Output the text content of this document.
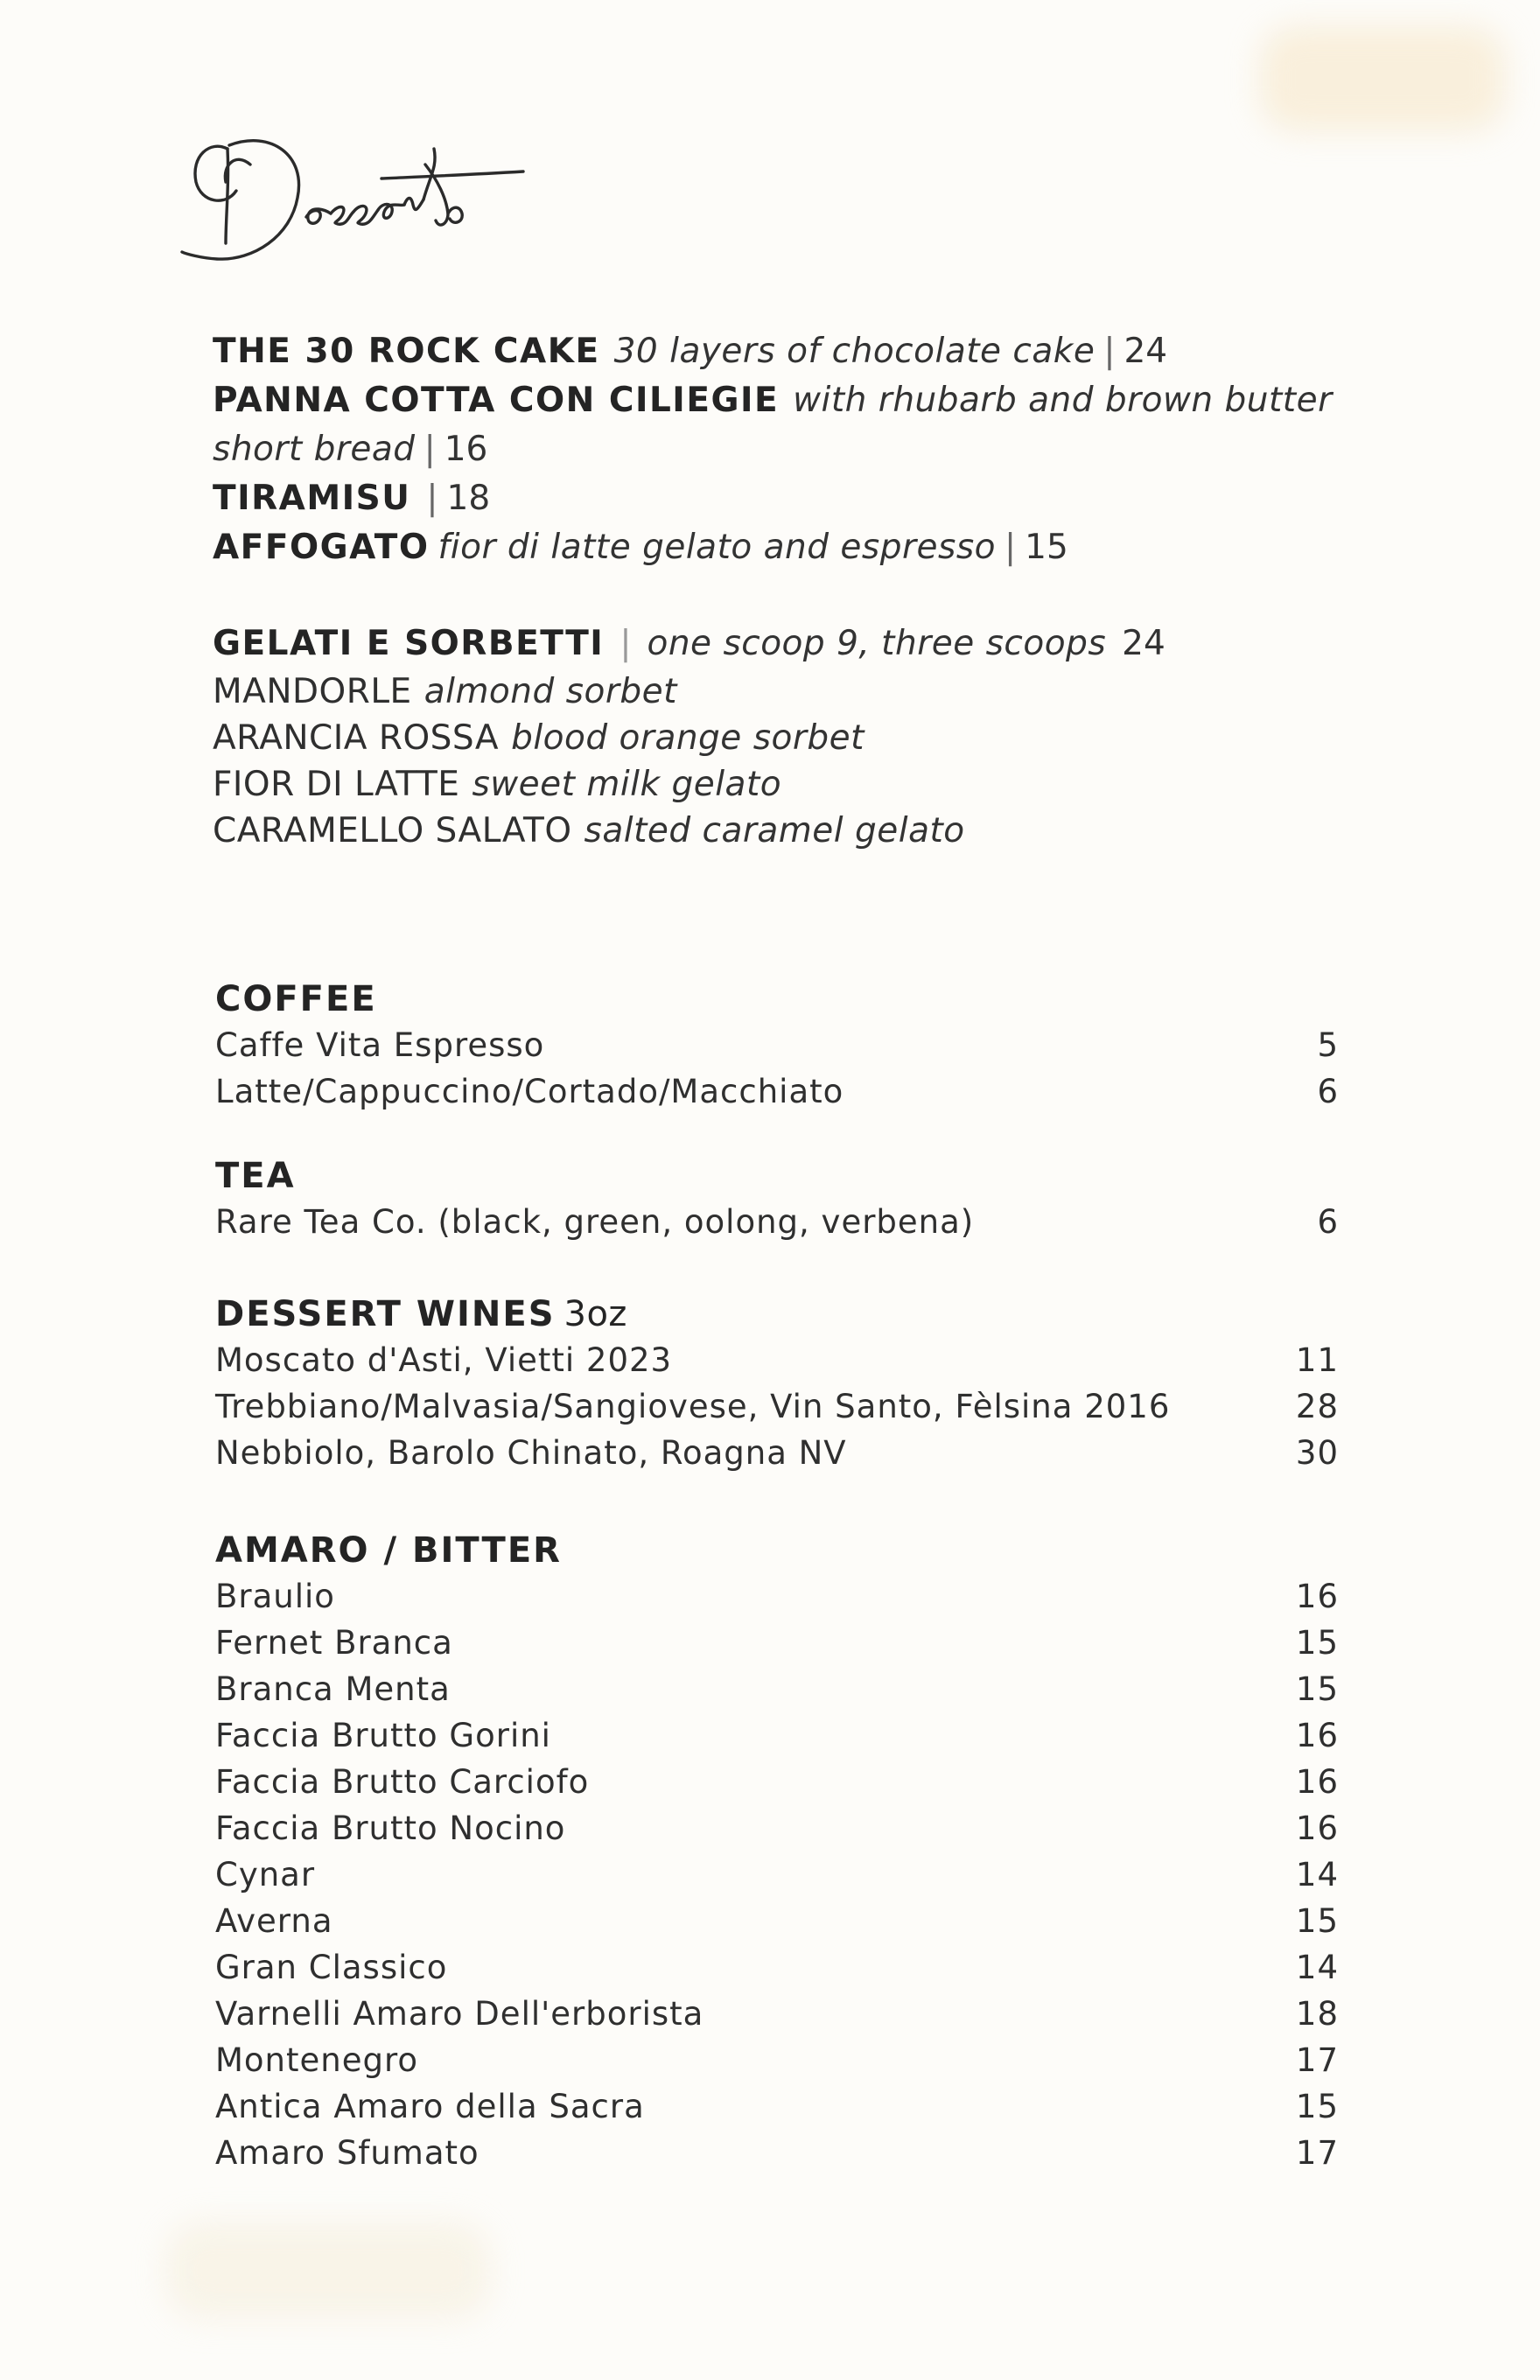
THE 30 ROCK CAKE 30 layers of chocolate cake | 24
PANNA COTTA CON CILIEGIE with rhubarb and brown butter
short bread | 16
TIRAMISU | 18
AFFOGATO fior di latte gelato and espresso | 15
GELATI E SORBETTI | one scoop 9, three scoops 24
MANDORLE almond sorbet
ARANCIA ROSSA blood orange sorbet
FIOR DI LATTE sweet milk gelato
CARAMELLO SALATO salted caramel gelato
COFFEE
Caffe Vita Espresso	5
Latte/Cappuccino/Cortado/Macchiato	6
TEA
Rare Tea Co. (black, green, oolong, verbena)	6
DESSERT WINES 3oz
Moscato d'Asti, Vietti 2023	11
Trebbiano/Malvasia/Sangiovese, Vin Santo, Fèlsina 2016	28
Nebbiolo, Barolo Chinato, Roagna NV	30
AMARO / BITTER
Braulio	16
Fernet Branca	15
Branca Menta	15
Faccia Brutto Gorini	16
Faccia Brutto Carciofo	16
Faccia Brutto Nocino	16
Cynar	14
Averna	15
Gran Classico	14
Varnelli Amaro Dell'erborista	18
Montenegro	17
Antica Amaro della Sacra	15
Amaro Sfumato	17
